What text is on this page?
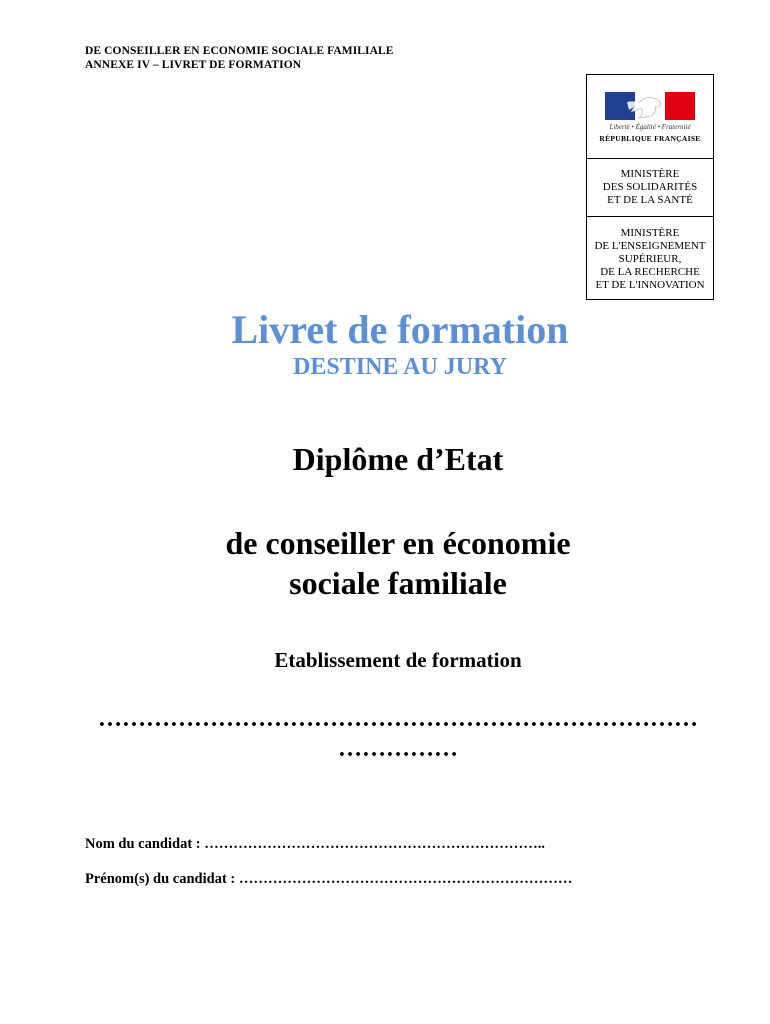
DE CONSEILLER EN ECONOMIE SOCIALE FAMILIALE
ANNEXE IV – LIVRET DE FORMATION
Liberté • Égalité • Fraternité
RÉPUBLIQUE FRANÇAISE
MINISTÈRE
DES SOLIDARITÉS
ET DE LA SANTÉ
MINISTÈRE
DE L'ENSEIGNEMENT
SUPÉRIEUR,
DE LA RECHERCHE
ET DE L'INNOVATION
Livret de formation
DESTINE AU JURY
Diplôme d’Etat
de conseiller en économie
sociale familiale
Etablissement de formation
…………………………………………………………………
……………
Nom du candidat : ……………………………………………………………..
Prénom(s) du candidat : ……………………………………………………………
